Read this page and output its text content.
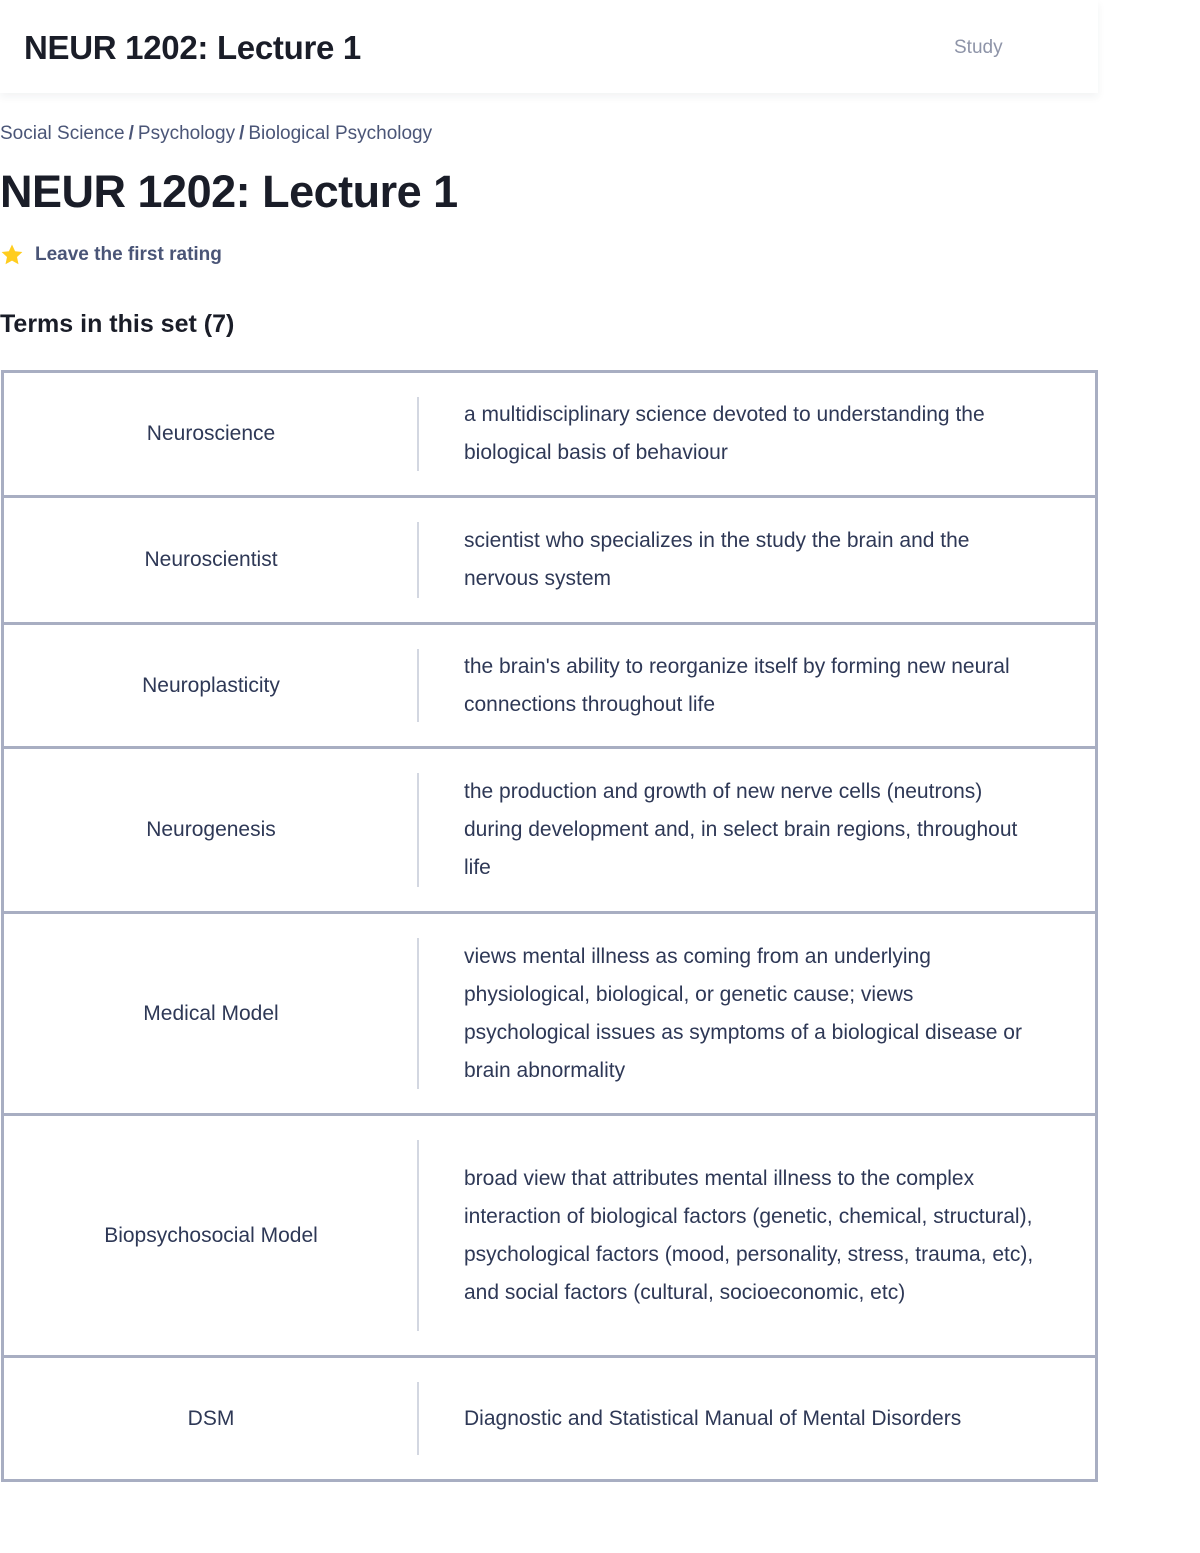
NEUR 1202: Lecture 1	Study
Social Science / Psychology / Biological Psychology
NEUR 1202: Lecture 1
Leave the first rating
Terms in this set (7)
Neuroscience
a multidisciplinary science devoted to understanding the biological basis of behaviour
Neuroscientist
scientist who specializes in the study the brain and the nervous system
Neuroplasticity
the brain's ability to reorganize itself by forming new neural connections throughout life
Neurogenesis
the production and growth of new nerve cells (neutrons) during development and, in select brain regions, throughout life
Medical Model
views mental illness as coming from an underlying physiological, biological, or genetic cause; views psychological issues as symptoms of a biological disease or brain abnormality
Biopsychosocial Model
broad view that attributes mental illness to the complex interaction of biological factors (genetic, chemical, structural), psychological factors (mood, personality, stress, trauma, etc), and social factors (cultural, socioeconomic, etc)
DSM	Diagnostic and Statistical Manual of Mental Disorders
